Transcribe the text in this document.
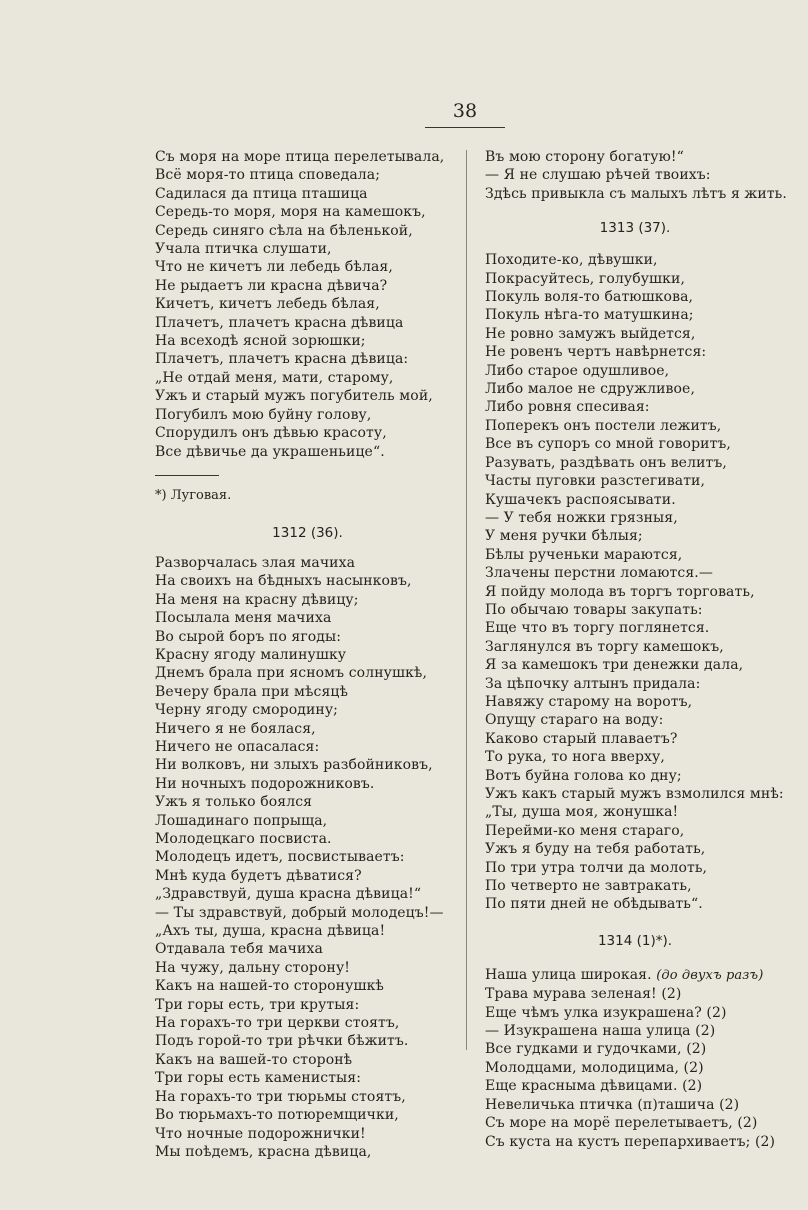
38
Съ моря на море птица перелетывала,
Всё моря-то птица споведала;
Садилася да птица пташица
Середь-то моря, моря на камешокъ,
Середь синяго сѣла на бѣленькой,
Учала птичка слушати,
Что не кичетъ ли лебедь бѣлая,
Не рыдаетъ ли красна дѣвича?
Кичетъ, кичетъ лебедь бѣлая,
Плачетъ, плачетъ красна дѣвица
На всеходѣ ясной зорюшки;
Плачетъ, плачетъ красна дѣвица:
„Не отдай меня, мати, старому,
Ужъ и старый мужъ погубитель мой,
Погубилъ мою буйну голову,
Спорудилъ онъ дѣвью красоту,
Все дѣвичье да украшеньице“.
*) Луговая.
1312 (36).
Разворчалась злая мачиха
На своихъ на бѣдныхъ насынковъ,
На меня на красну дѣвицу;
Посылала меня мачиха
Во сырой боръ по ягоды:
Красну ягоду малинушку
Днемъ брала при ясномъ солнушкѣ,
Вечеру брала при мѣсяцѣ
Черну ягоду смородину;
Ничего я не боялася,
Ничего не опасалася:
Ни волковъ, ни злыхъ разбойниковъ,
Ни ночныхъ подорожниковъ.
Ужъ я только боялся
Лошадинаго попрыща,
Молодецкаго посвиста.
Молодецъ идетъ, посвистываетъ:
Мнѣ куда будетъ дѣватися?
„Здравствуй, душа красна дѣвица!“
— Ты здравствуй, добрый молодецъ!—
„Ахъ ты, душа, красна дѣвица!
Отдавала тебя мачиха
На чужу, дальну сторону!
Какъ на нашей-то сторонушкѣ
Три горы есть, три крутыя:
На горахъ-то три церкви стоятъ,
Подъ горой-то три рѣчки бѣжитъ.
Какъ на вашей-то сторонѣ
Три горы есть каменистыя:
На горахъ-то три тюрьмы стоятъ,
Во тюрьмахъ-то потюремщички,
Что ночные подорожнички!
Мы поѣдемъ, красна дѣвица,
Въ мою сторону богатую!“
— Я не слушаю рѣчей твоихъ:
Здѣсь привыкла съ малыхъ лѣтъ я жить.
1313 (37).
Походите-ко, дѣвушки,
Покрасуйтесь, голубушки,
Покуль воля-то батюшкова,
Покуль нѣга-то матушкина;
Не ровно замужъ выйдется,
Не ровенъ чертъ навѣрнется:
Либо старое одушливое,
Либо малое не сдружливое,
Либо ровня спесивая:
Поперекъ онъ постели лежитъ,
Все въ супоръ со мной говоритъ,
Разувать, раздѣвать онъ велитъ,
Часты пуговки разстегивати,
Кушачекъ распоясывати.
— У тебя ножки грязныя,
У меня ручки бѣлыя;
Бѣлы рученьки мараются,
Злачены перстни ломаются.—
Я пойду молода въ торгъ торговать,
По обычаю товары закупать:
Еще что въ торгу поглянется.
Заглянулся въ торгу камешокъ,
Я за камешокъ три денежки дала,
За цѣпочку алтынъ придала:
Навяжу старому на воротъ,
Опущу стараго на воду:
Каково старый плаваетъ?
То рука, то нога вверху,
Вотъ буйна голова ко дну;
Ужъ какъ старый мужъ взмолился мнѣ:
„Ты, душа моя, жонушка!
Перейми-ко меня стараго,
Ужъ я буду на тебя работать,
По три утра толчи да молоть,
По четверто не завтракать,
По пяти дней не обѣдывать“.
1314 (1)*).
Наша улица широкая. (до двухъ разъ)
Трава мурава зеленая! (2)
Еще чѣмъ улка изукрашена? (2)
— Изукрашена наша улица (2)
Все гудками и гудочками, (2)
Молодцами, молодицима, (2)
Еще красныма дѣвицами. (2)
Невеличька птичка (п)ташича (2)
Съ море на морё перелетываетъ, (2)
Съ куста на кустъ перепархиваетъ; (2)
